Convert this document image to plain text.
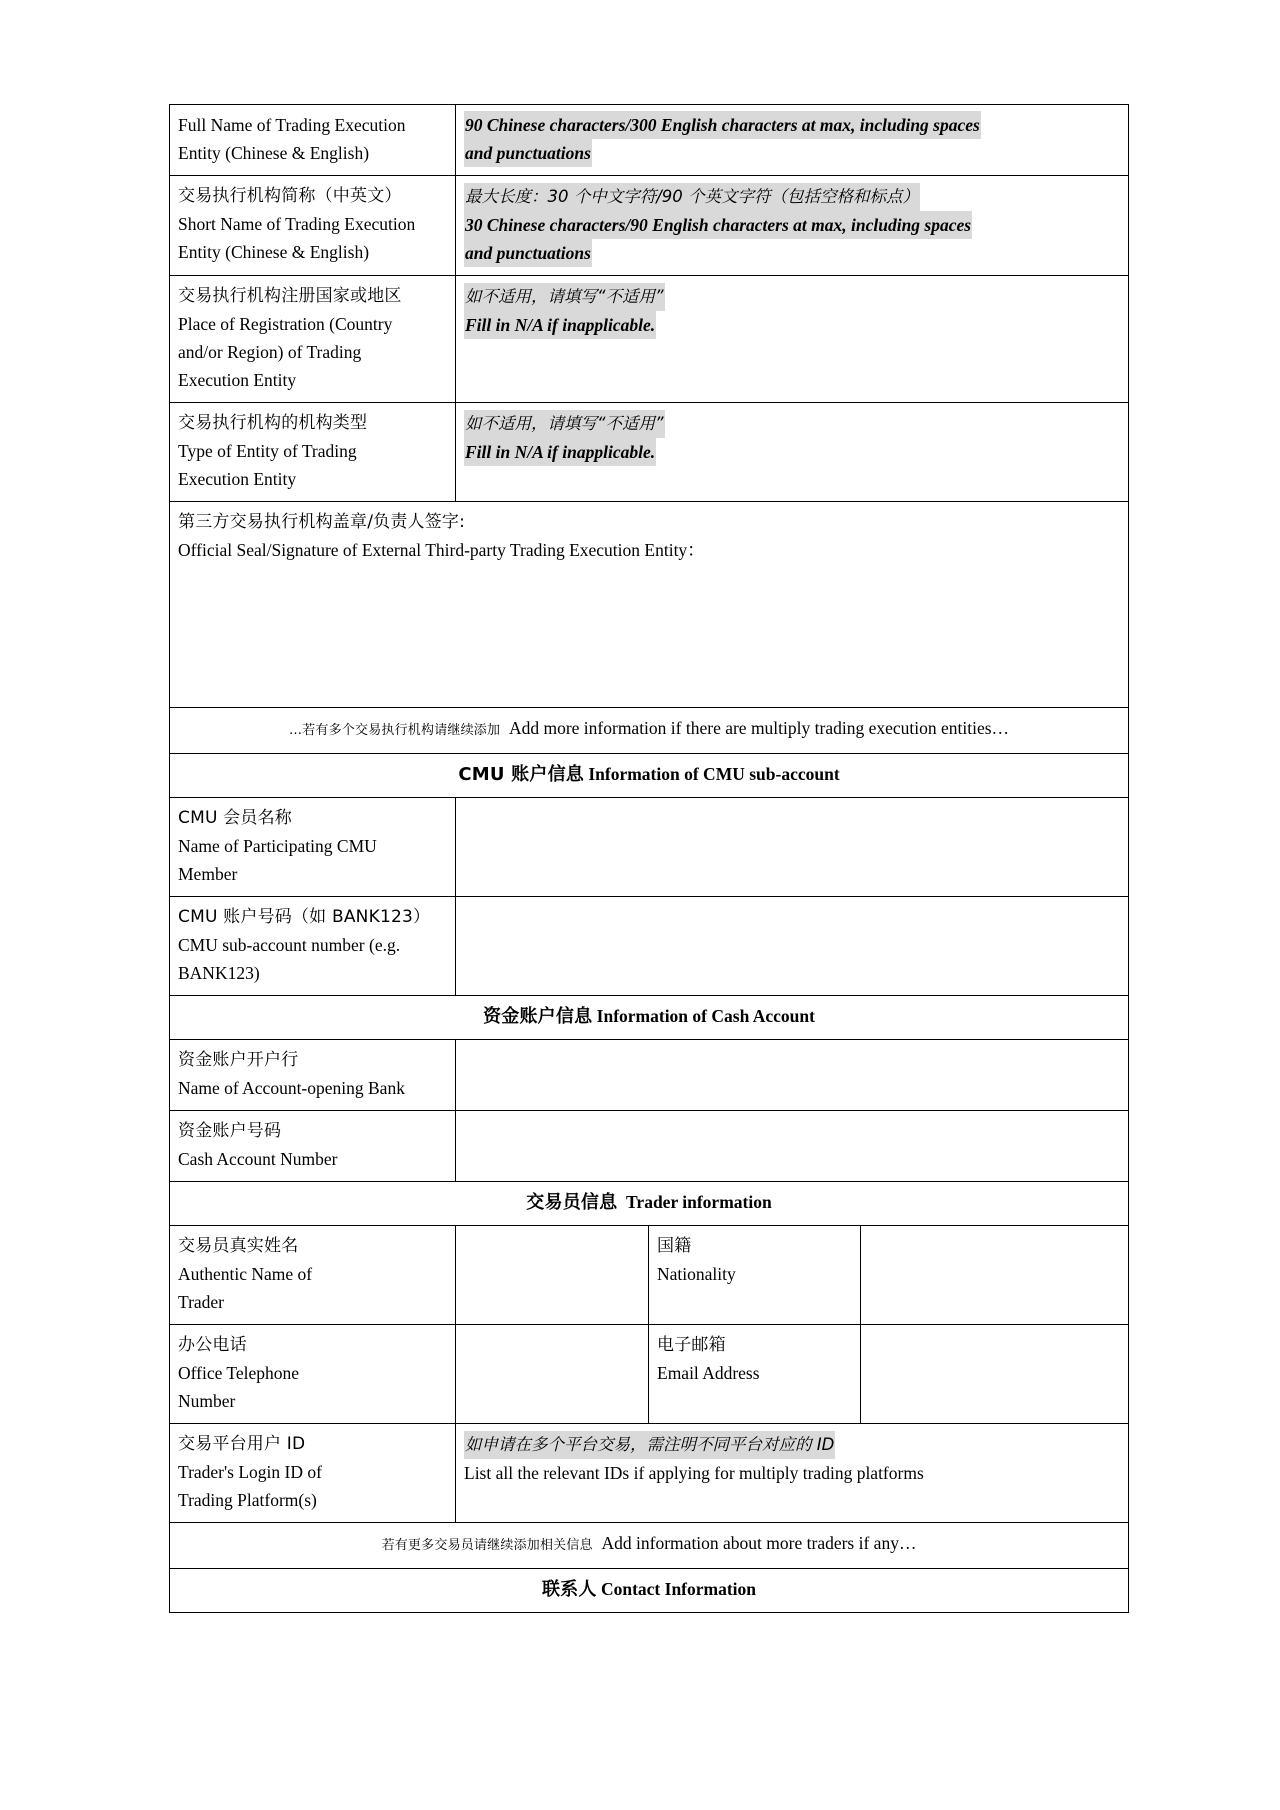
Full Name of Trading Execution
Entity (Chinese & English)	90 Chinese characters/300 English characters at max, including spaces
and punctuations		

交易执行机构简称（中英文）
Short Name of Trading Execution
Entity (Chinese & English)	最大长度：30 个中文字符/90 个英文字符（包括空格和标点）
30 Chinese characters/90 English characters at max, including spaces
and punctuations		

交易执行机构注册国家或地区
Place of Registration (Country
and/or Region) of Trading
Execution Entity	如不适用，请填写“不适用”
Fill in N/A if inapplicable.		

交易执行机构的机构类型
Type of Entity of Trading
Execution Entity	如不适用，请填写“不适用”
Fill in N/A if inapplicable.		

第三方交易执行机构盖章/负责人签字:
Official Seal/Signature of External Third-party Trading Execution Entity：			

…若有多个交易执行机构请继续添加 Add more information if there are multiply trading execution entities…			
CMU 账户信息 Information of CMU sub-account			

CMU 会员名称
Name of Participating CMU
Member			

CMU 账户号码（如 BANK123）
CMU sub-account number (e.g.
BANK123)			

资金账户信息 Information of Cash Account			

资金账户开户行
Name of Account-opening Bank			

资金账户号码
Cash Account Number			

交易员信息 Trader information			

交易员真实姓名
Authentic Name of
Trader		国籍
Nationality	

办公电话
Office Telephone
Number		电子邮箱
Email Address	

交易平台用户 ID
Trader's Login ID of
Trading Platform(s)	如申请在多个平台交易，需注明不同平台对应的 ID
List all the relevant IDs if applying for multiply trading platforms		

若有更多交易员请继续添加相关信息 Add information about more traders if any…			
联系人 Contact Information			
